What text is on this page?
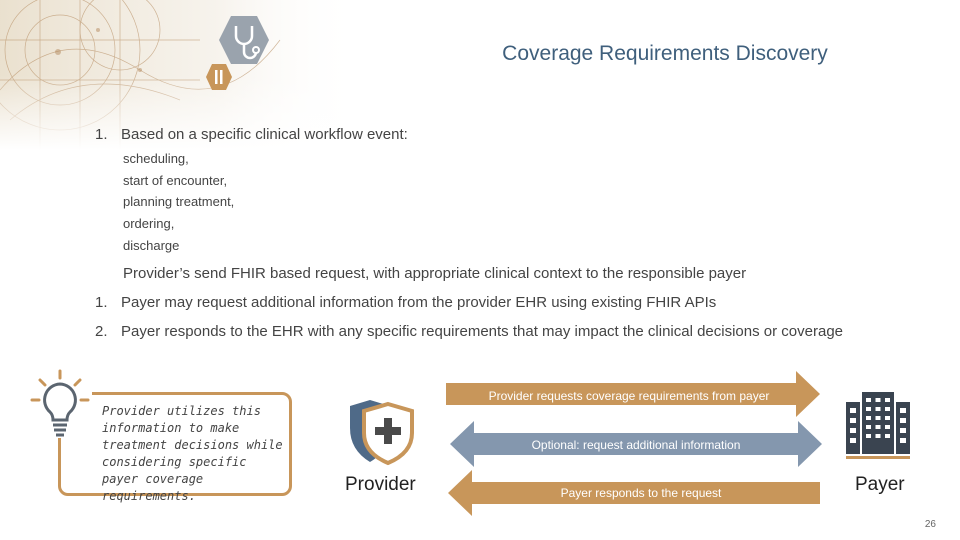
Coverage Requirements Discovery
1. Based on a specific clinical workflow event:
scheduling,
start of encounter,
planning treatment,
ordering,
discharge
Provider’s send FHIR based request, with appropriate clinical context to the responsible payer
1. Payer may request additional information from the provider EHR using existing FHIR APIs
2. Payer responds to the EHR with any specific requirements that may impact the clinical decisions or coverage
Provider utilizes this information to make treatment decisions while considering specific payer coverage requirements.
Provider	Payer
Provider requests coverage requirements from payer
Optional: request additional information
Payer responds to the request
26
